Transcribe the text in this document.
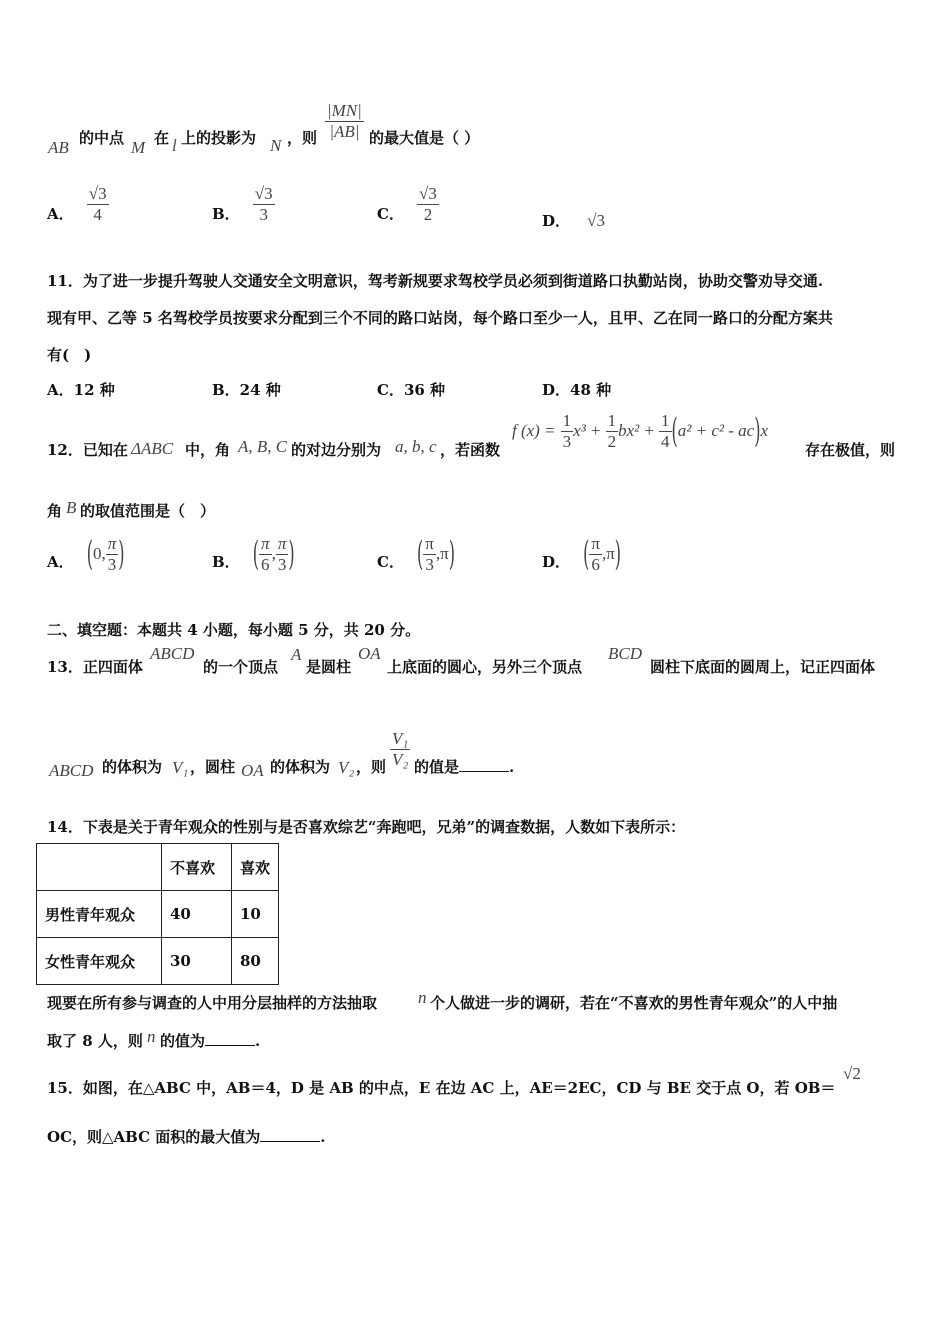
AB 的中点 M 在 l 上的投影为 N ，则 $\frac{|MN|}{|AB|}$ 的最大值是（ ）
A． $\frac{√3}{4}$	B． $\frac{√3}{3}$	C． $\frac{√3}{2}$	D． √3
11．为了进一步提升驾驶人交通安全文明意识，驾考新规要求驾校学员必须到街道路口执勤站岗，协助交警劝导交通.
现有甲、乙等 5 名驾校学员按要求分配到三个不同的路口站岗，每个路口至少一人，且甲、乙在同一路口的分配方案共
有(　)
A．12 种	B．24 种	C．36 种	D．48 种
12．已知在 ΔABC 中，角 A, B, C 的对边分别为 a, b, c ，若函数
f $(x) = \frac{1}{3} x^3 + \frac{1}{2} bx^2 + \frac{1}{4} (a^2 + c^2 - ac)x$
存在极值，则
角 B 的取值范围是（　）
A． (0, $\frac{\pi}{3}$ )	B． ( $\frac{\pi}{6}$ , $\frac{\pi}{3}$ )	C． ( $\frac{\pi}{3} ,\pi$)	D． ( $\frac{\pi}{6} ,\pi$)
二、填空题：本题共 4 小题，每小题 5 分，共 20 分。
13．正四面体
ABCD
的一个顶点
A
是圆柱
OA
上底面的圆心，另外三个顶点
BCD
圆柱下底面的圆周上，记正四面体
ABCD 的体积为 V₁ ，圆柱 OA 的体积为 V₂ ，则 $\frac{\text{V₁}}{\text{V₂}}$ 的值是	.
14．下表是关于青年观众的性别与是否喜欢综艺“奔跑吧，兄弟”的调查数据，人数如下表所示：
	不喜欢	喜欢
男性青年观众	40	10
女性青年观众	30	80
现要在所有参与调查的人中用分层抽样的方法抽取 n 个人做进一步的调研，若在“不喜欢的男性青年观众”的人中抽
取了 8 人，则 n 的值为	.
15．如图，在△ABC 中，AB＝4，D 是 AB 的中点，E 在边 AC 上，AE＝2EC，CD 与 BE 交于点 O，若 OB＝
√2
OC，则△ABC 面积的最大值为	.
